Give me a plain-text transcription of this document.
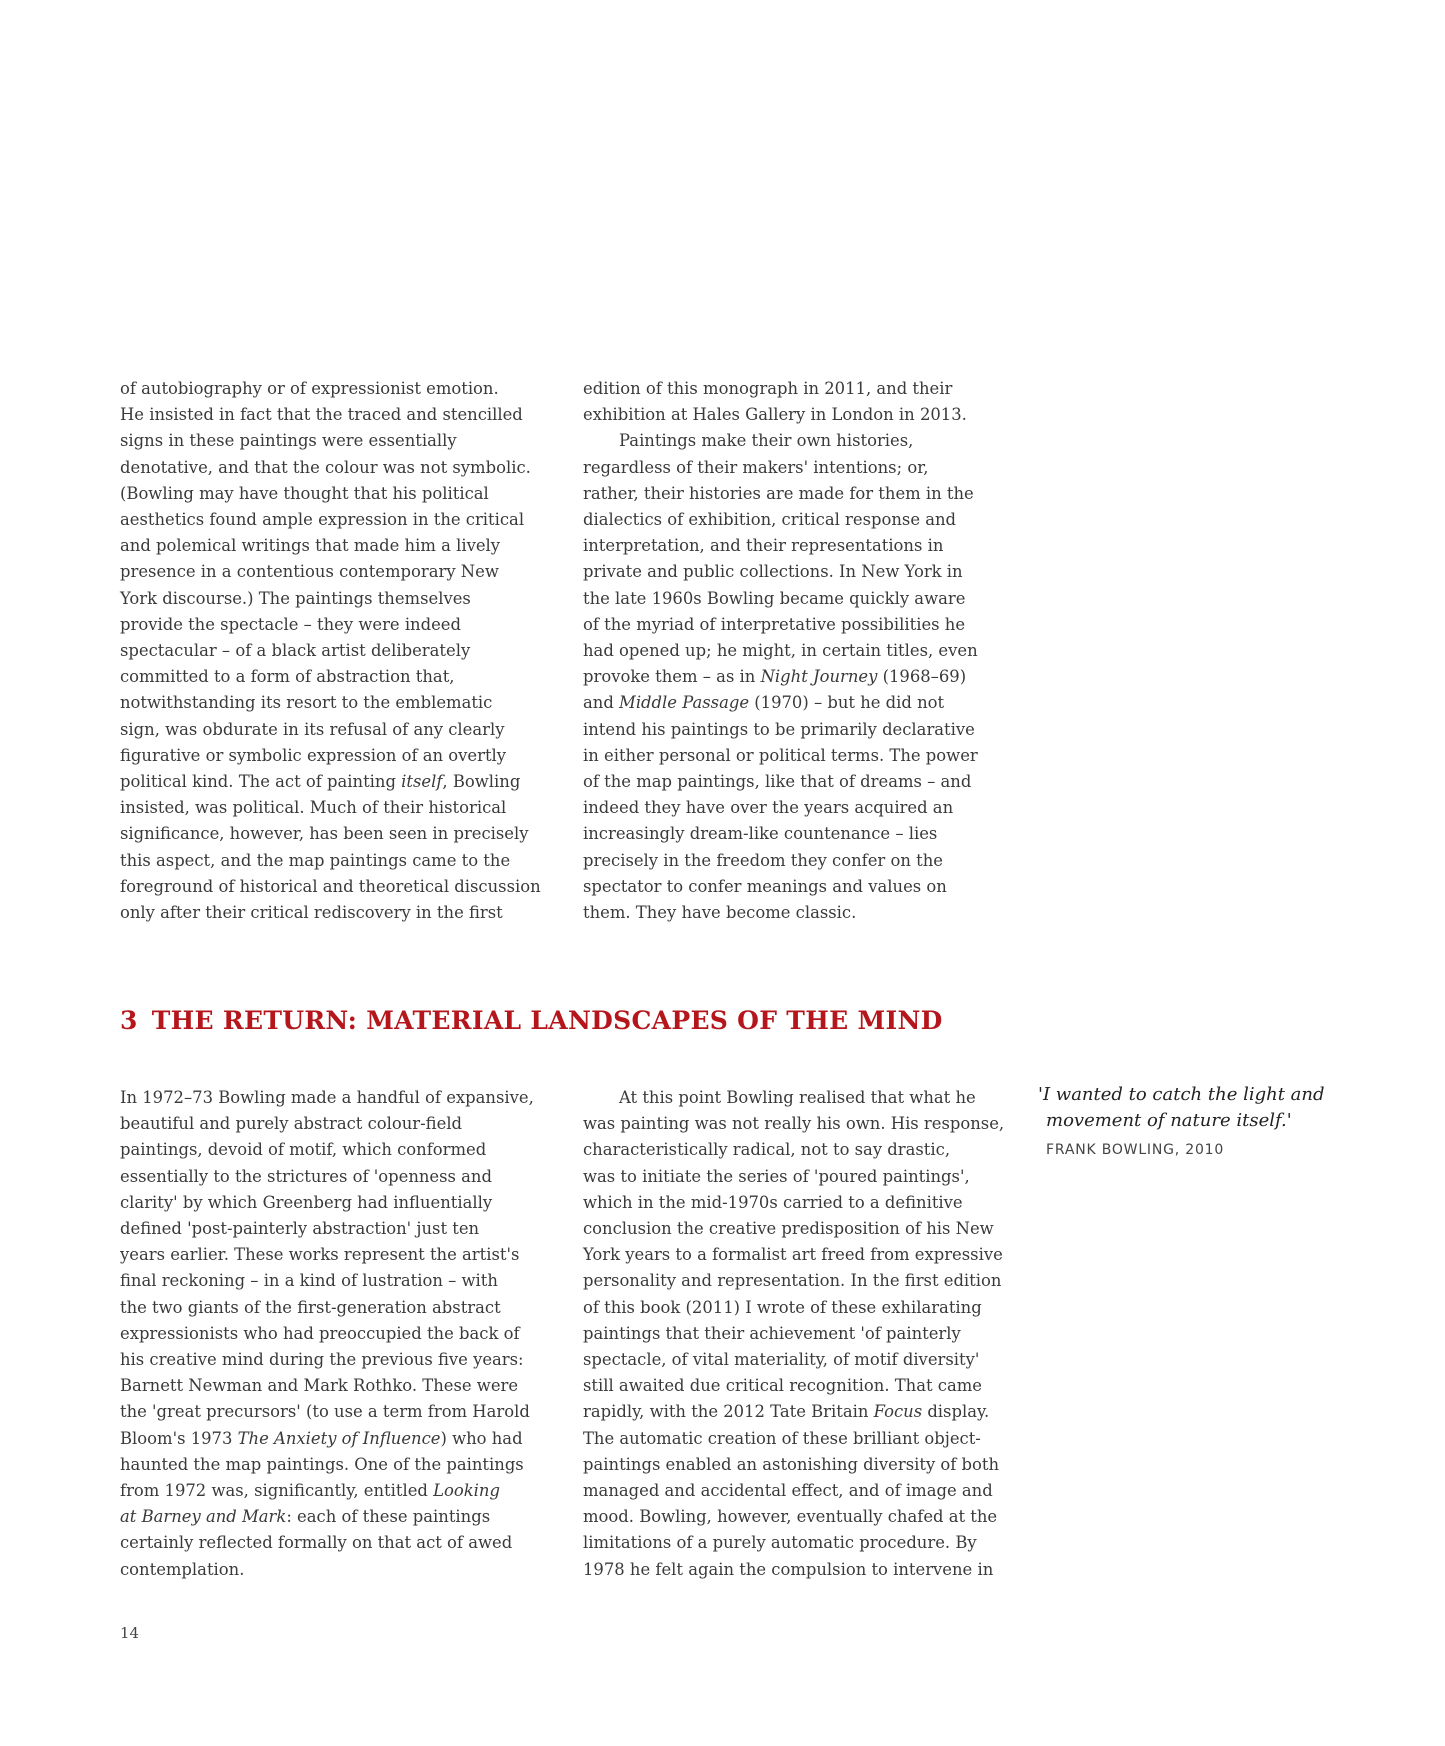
of autobiography or of expressionist emotion.
He insisted in fact that the traced and stencilled
signs in these paintings were essentially
denotative, and that the colour was not symbolic.
(Bowling may have thought that his political
aesthetics found ample expression in the critical
and polemical writings that made him a lively
presence in a contentious contemporary New
York discourse.) The paintings themselves
provide the spectacle – they were indeed
spectacular – of a black artist deliberately
committed to a form of abstraction that,
notwithstanding its resort to the emblematic
sign, was obdurate in its refusal of any clearly
figurative or symbolic expression of an overtly
political kind. The act of painting itself, Bowling
insisted, was political. Much of their historical
significance, however, has been seen in precisely
this aspect, and the map paintings came to the
foreground of historical and theoretical discussion
only after their critical rediscovery in the first

edition of this monograph in 2011, and their
exhibition at Hales Gallery in London in 2013.

Paintings make their own histories,
regardless of their makers' intentions; or,
rather, their histories are made for them in the
dialectics of exhibition, critical response and
interpretation, and their representations in
private and public collections. In New York in
the late 1960s Bowling became quickly aware
of the myriad of interpretative possibilities he
had opened up; he might, in certain titles, even
provoke them – as in Night Journey (1968–69)
and Middle Passage (1970) – but he did not
intend his paintings to be primarily declarative
in either personal or political terms. The power
of the map paintings, like that of dreams – and
indeed they have over the years acquired an
increasingly dream-like countenance – lies
precisely in the freedom they confer on the
spectator to confer meanings and values on
them. They have become classic.

3 THE RETURN: MATERIAL LANDSCAPES OF THE MIND

In 1972–73 Bowling made a handful of expansive,
beautiful and purely abstract colour-field
paintings, devoid of motif, which conformed
essentially to the strictures of 'openness and
clarity' by which Greenberg had influentially
defined 'post-painterly abstraction' just ten
years earlier. These works represent the artist's
final reckoning – in a kind of lustration – with
the two giants of the first-generation abstract
expressionists who had preoccupied the back of
his creative mind during the previous five years:
Barnett Newman and Mark Rothko. These were
the 'great precursors' (to use a term from Harold
Bloom's 1973 The Anxiety of Influence) who had
haunted the map paintings. One of the paintings
from 1972 was, significantly, entitled Looking
at Barney and Mark: each of these paintings
certainly reflected formally on that act of awed
contemplation.

At this point Bowling realised that what he
was painting was not really his own. His response,
characteristically radical, not to say drastic,
was to initiate the series of 'poured paintings',
which in the mid-1970s carried to a definitive
conclusion the creative predisposition of his New
York years to a formalist art freed from expressive
personality and representation. In the first edition
of this book (2011) I wrote of these exhilarating
paintings that their achievement 'of painterly
spectacle, of vital materiality, of motif diversity'
still awaited due critical recognition. That came
rapidly, with the 2012 Tate Britain Focus display.
The automatic creation of these brilliant object-
paintings enabled an astonishing diversity of both
managed and accidental effect, and of image and
mood. Bowling, however, eventually chafed at the
limitations of a purely automatic procedure. By
1978 he felt again the compulsion to intervene in

'I wanted to catch the light and
movement of nature itself.'
FRANK BOWLING, 2010
14
